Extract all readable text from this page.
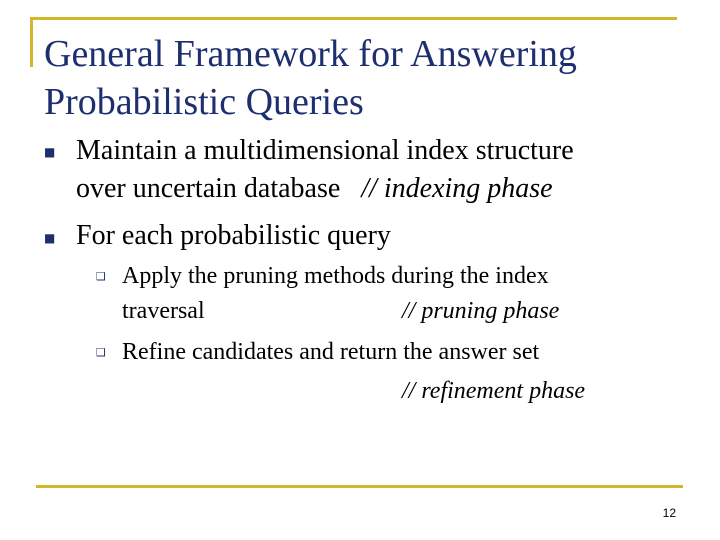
General Framework for Answering
Probabilistic Queries
■ Maintain a multidimensional index structure
over uncertain database   // indexing phase
■ For each probabilistic query
❑ Apply the pruning methods during the index
traversal	// pruning phase
❑ Refine candidates and return the answer set
// refinement phase
12
